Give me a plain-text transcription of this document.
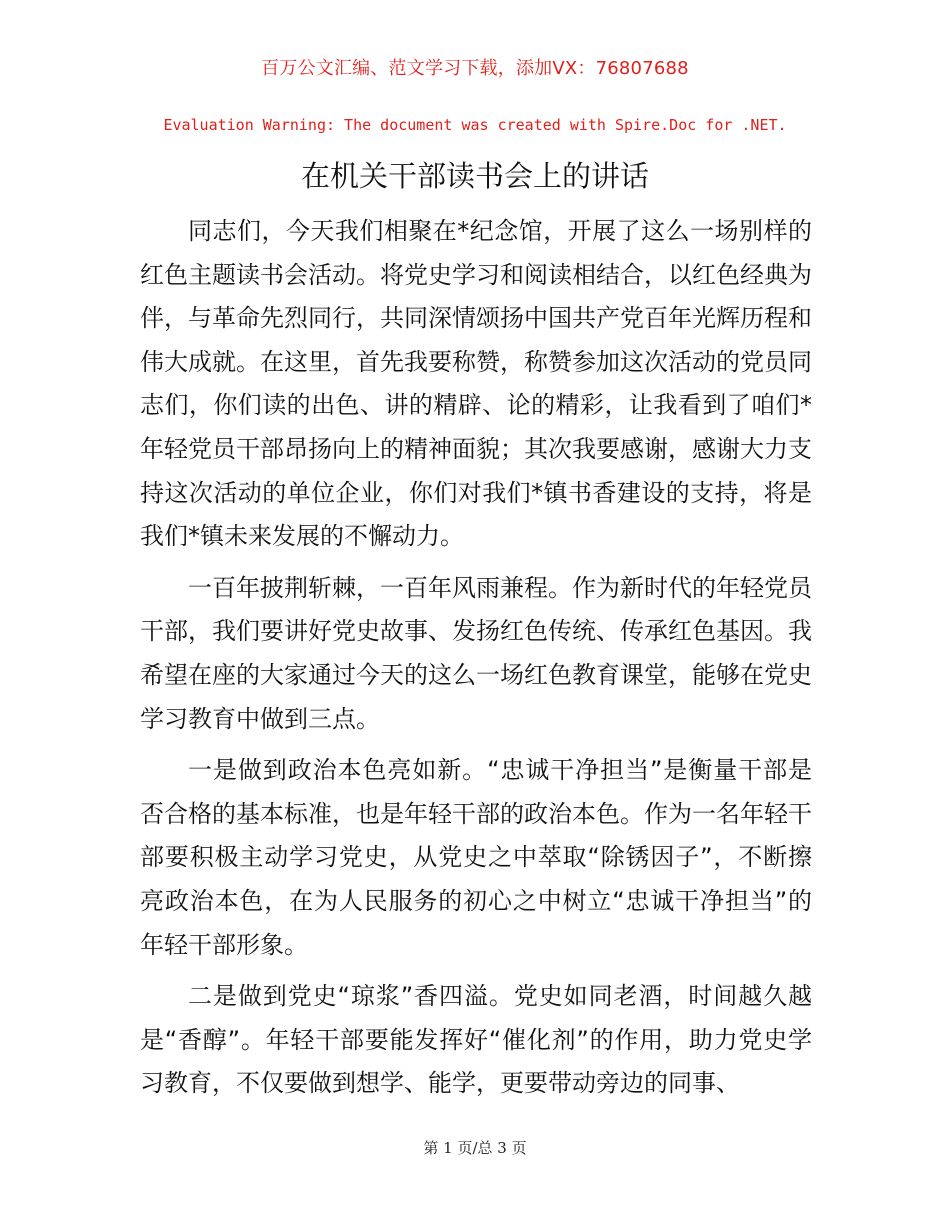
百万公文汇编、范文学习下载，添加VX：76807688
Evaluation Warning: The document was created with Spire.Doc for .NET.
在机关干部读书会上的讲话

同志们，今天我们相聚在*纪念馆，开展了这么一场别样的红色主题读书会活动。将党史学习和阅读相结合，以红色经典为伴，与革命先烈同行，共同深情颂扬中国共产党百年光辉历程和伟大成就。在这里，首先我要称赞，称赞参加这次活动的党员同志们，你们读的出色、讲的精辟、论的精彩，让我看到了咱们*年轻党员干部昂扬向上的精神面貌；其次我要感谢，感谢大力支持这次活动的单位企业，你们对我们*镇书香建设的支持，将是我们*镇未来发展的不懈动力。

一百年披荆斩棘，一百年风雨兼程。作为新时代的年轻党员干部，我们要讲好党史故事、发扬红色传统、传承红色基因。我希望在座的大家通过今天的这么一场红色教育课堂，能够在党史学习教育中做到三点。

一是做到政治本色亮如新。“忠诚干净担当”是衡量干部是否合格的基本标准，也是年轻干部的政治本色。作为一名年轻干部要积极主动学习党史，从党史之中萃取“除锈因子”，不断擦亮政治本色，在为人民服务的初心之中树立“忠诚干净担当”的年轻干部形象。

二是做到党史“琼浆”香四溢。党史如同老酒，时间越久越是“香醇”。年轻干部要能发挥好“催化剂”的作用，助力党史学习教育，不仅要做到想学、能学，更要带动旁边的同事、

第 1 页/总 3 页
